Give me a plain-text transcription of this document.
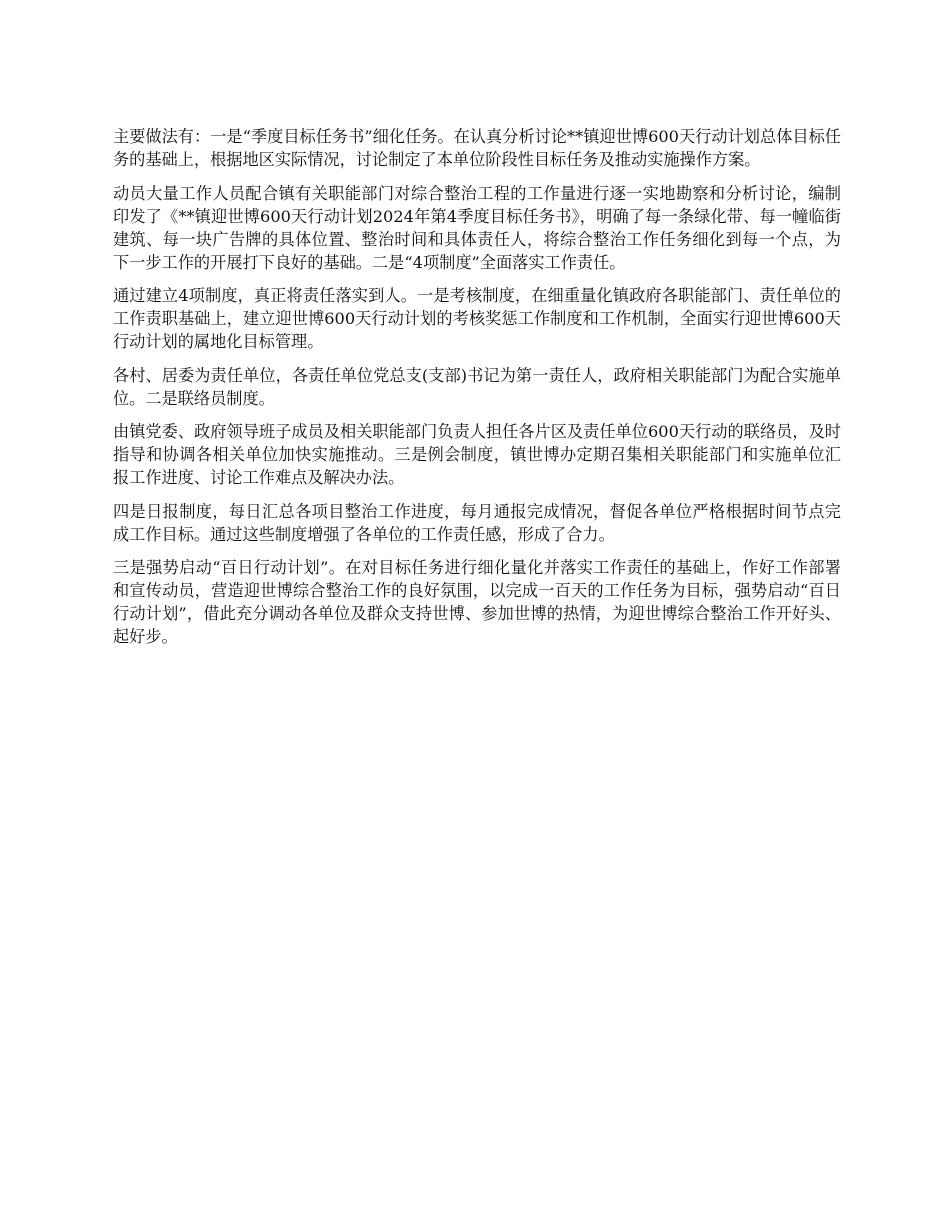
主要做法有：一是“季度目标任务书”细化任务。在认真分析讨论**镇迎世博600天行动计划总体目标任务的基础上，根据地区实际情况，讨论制定了本单位阶段性目标任务及推动实施操作方案。

动员大量工作人员配合镇有关职能部门对综合整治工程的工作量进行逐一实地勘察和分析讨论，编制印发了《**镇迎世博600天行动计划2024年第4季度目标任务书》，明确了每一条绿化带、每一幢临街建筑、每一块广告牌的具体位置、整治时间和具体责任人，将综合整治工作任务细化到每一个点，为下一步工作的开展打下良好的基础。二是“4项制度”全面落实工作责任。

通过建立4项制度，真正将责任落实到人。一是考核制度，在细重量化镇政府各职能部门、责任单位的工作责职基础上，建立迎世博600天行动计划的考核奖惩工作制度和工作机制，全面实行迎世博600天行动计划的属地化目标管理。

各村、居委为责任单位，各责任单位党总支(支部)书记为第一责任人，政府相关职能部门为配合实施单位。二是联络员制度。

由镇党委、政府领导班子成员及相关职能部门负责人担任各片区及责任单位600天行动的联络员，及时指导和协调各相关单位加快实施推动。三是例会制度，镇世博办定期召集相关职能部门和实施单位汇报工作进度、讨论工作难点及解决办法。

四是日报制度，每日汇总各项目整治工作进度，每月通报完成情况，督促各单位严格根据时间节点完成工作目标。通过这些制度增强了各单位的工作责任感，形成了合力。

三是强势启动“百日行动计划”。在对目标任务进行细化量化并落实工作责任的基础上，作好工作部署和宣传动员，营造迎世博综合整治工作的良好氛围，以完成一百天的工作任务为目标，强势启动“百日行动计划”，借此充分调动各单位及群众支持世博、参加世博的热情，为迎世博综合整治工作开好头、起好步。
